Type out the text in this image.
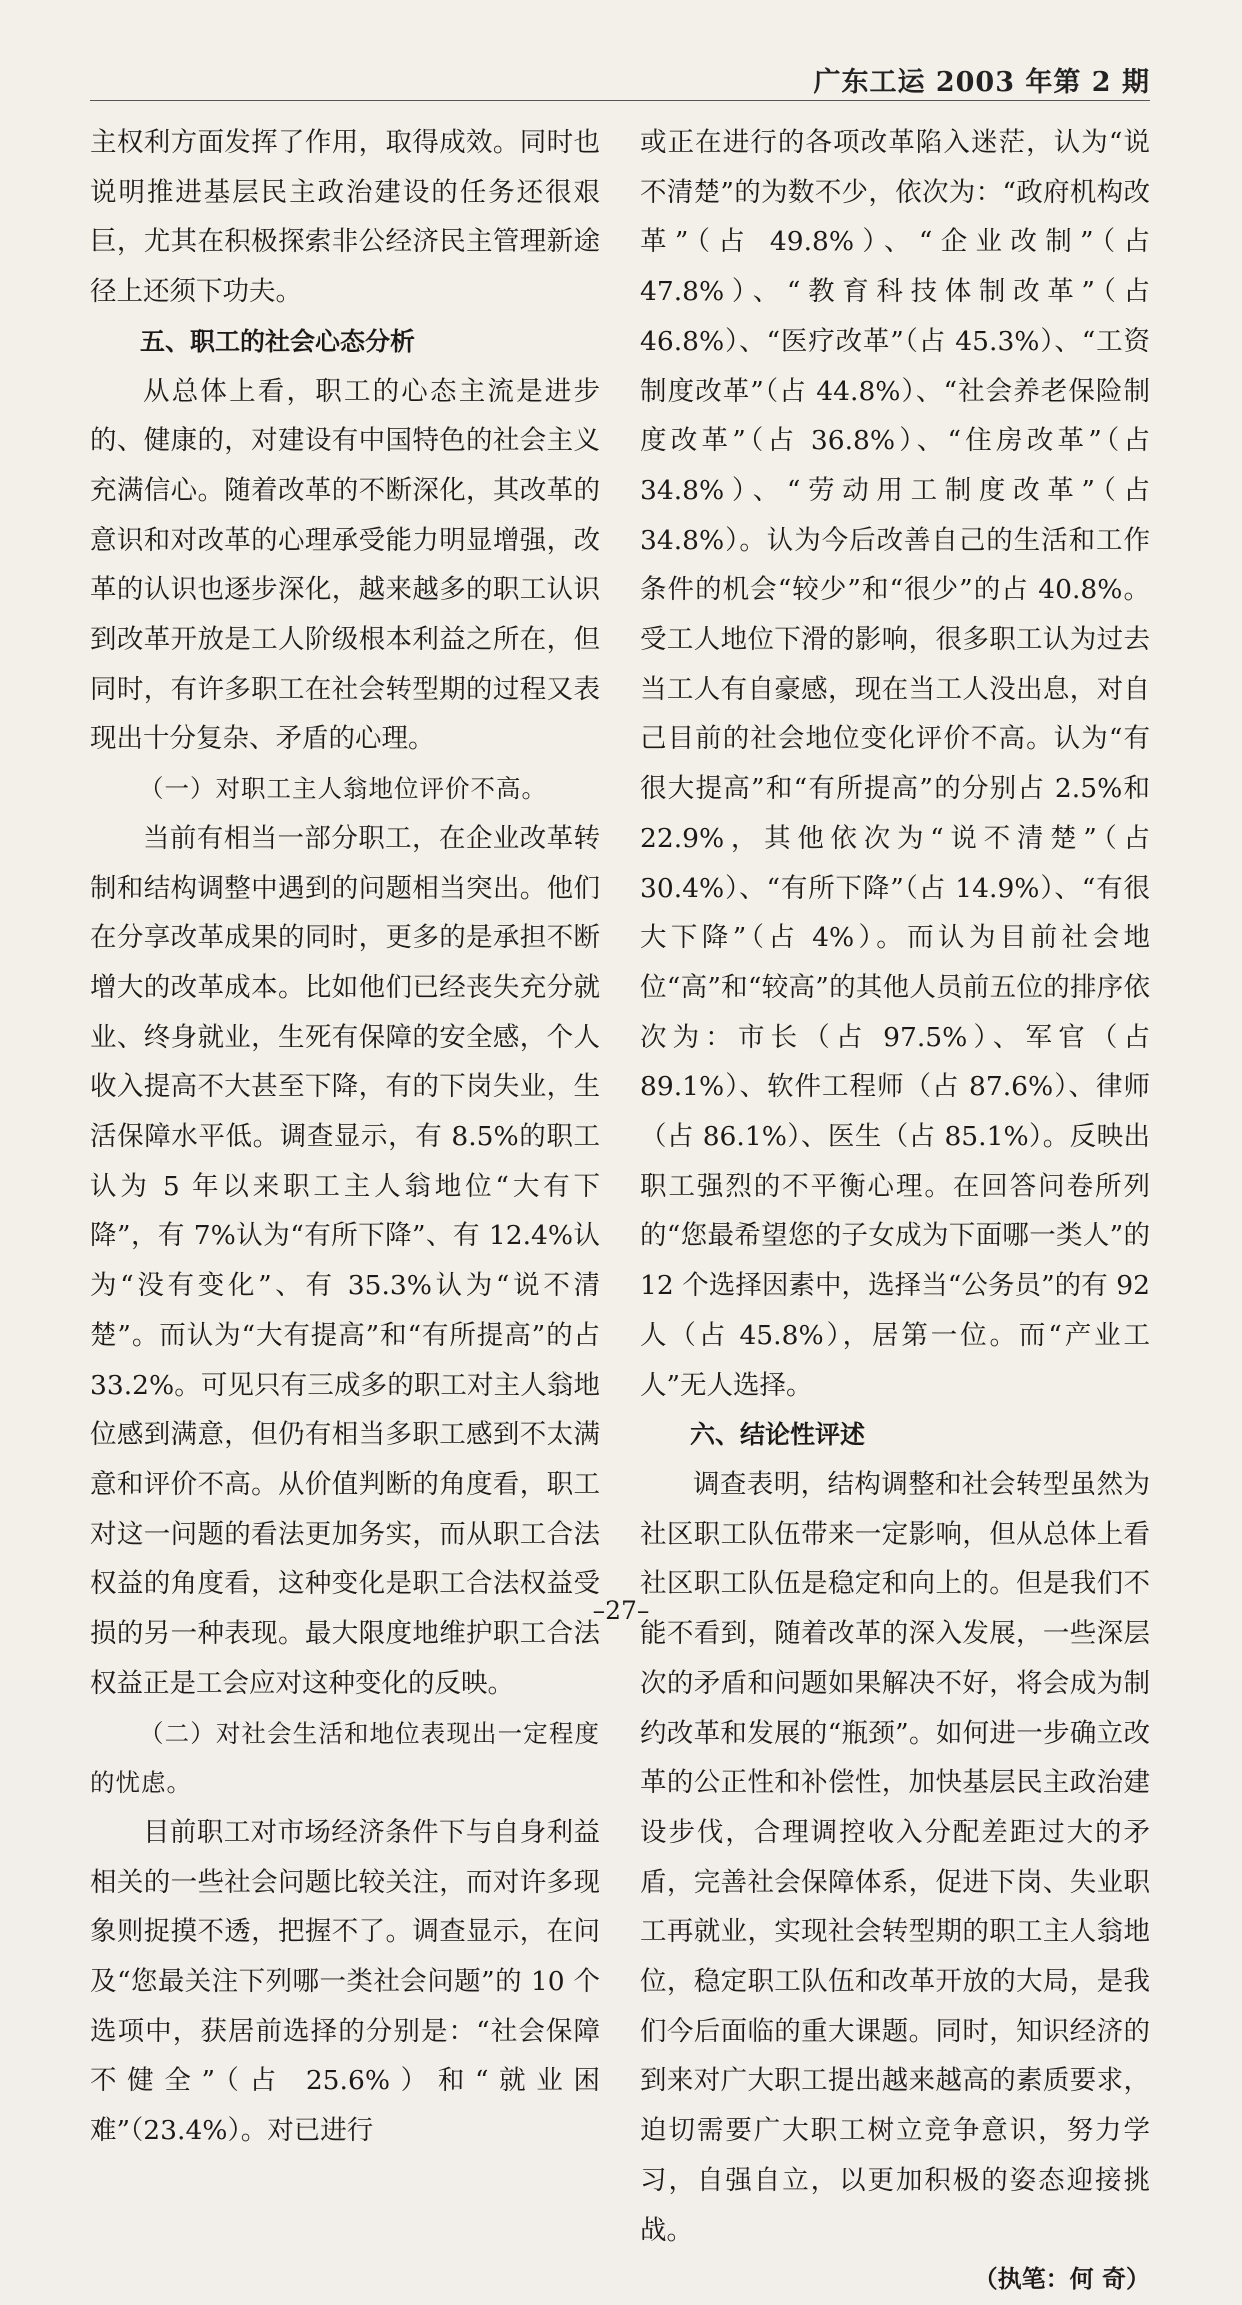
广东工运 2003 年第 2 期

主权利方面发挥了作用，取得成效。同时也说明推进基层民主政治建设的任务还很艰巨，尤其在积极探索非公经济民主管理新途径上还须下功夫。

五、职工的社会心态分析

从总体上看，职工的心态主流是进步的、健康的，对建设有中国特色的社会主义充满信心。随着改革的不断深化，其改革的意识和对改革的心理承受能力明显增强，改革的认识也逐步深化，越来越多的职工认识到改革开放是工人阶级根本利益之所在，但同时，有许多职工在社会转型期的过程又表现出十分复杂、矛盾的心理。

（一）对职工主人翁地位评价不高。

当前有相当一部分职工，在企业改革转制和结构调整中遇到的问题相当突出。他们在分享改革成果的同时，更多的是承担不断增大的改革成本。比如他们已经丧失充分就业、终身就业，生死有保障的安全感，个人收入提高不大甚至下降，有的下岗失业，生活保障水平低。调查显示，有 8.5%的职工认为 5 年以来职工主人翁地位“大有下降”，有 7%认为“有所下降”、有 12.4%认为“没有变化”、有 35.3%认为“说不清楚”。而认为“大有提高”和“有所提高”的占 33.2%。可见只有三成多的职工对主人翁地位感到满意，但仍有相当多职工感到不太满意和评价不高。从价值判断的角度看，职工对这一问题的看法更加务实，而从职工合法权益的角度看，这种变化是职工合法权益受损的另一种表现。最大限度地维护职工合法权益正是工会应对这种变化的反映。

（二）对社会生活和地位表现出一定程度的忧虑。

目前职工对市场经济条件下与自身利益相关的一些社会问题比较关注，而对许多现象则捉摸不透，把握不了。调查显示，在问及“您最关注下列哪一类社会问题”的 10 个选项中，获居前选择的分别是：“社会保障不健全”（占 25.6%）和“就业困难”（23.4%）。对已进行

或正在进行的各项改革陷入迷茫，认为“说不清楚”的为数不少，依次为：“政府机构改革”（占 49.8%）、“企业改制”（占 47.8%）、“教育科技体制改革”（占 46.8%）、“医疗改革”（占 45.3%）、“工资制度改革”（占 44.8%）、“社会养老保险制度改革”（占 36.8%）、“住房改革”（占 34.8%）、“劳动用工制度改革”（占 34.8%）。认为今后改善自己的生活和工作条件的机会“较少”和“很少”的占 40.8%。受工人地位下滑的影响，很多职工认为过去当工人有自豪感，现在当工人没出息，对自己目前的社会地位变化评价不高。认为“有很大提高”和“有所提高”的分别占 2.5%和 22.9%，其他依次为“说不清楚”（占 30.4%）、“有所下降”（占 14.9%）、“有很大下降”（占 4%）。而认为目前社会地位“高”和“较高”的其他人员前五位的排序依次为：市长（占 97.5%）、军官（占 89.1%）、软件工程师（占 87.6%）、律师（占 86.1%）、医生（占 85.1%）。反映出职工强烈的不平衡心理。在回答问卷所列的“您最希望您的子女成为下面哪一类人”的 12 个选择因素中，选择当“公务员”的有 92 人（占 45.8%），居第一位。而“产业工人”无人选择。

六、结论性评述

调查表明，结构调整和社会转型虽然为社区职工队伍带来一定影响，但从总体上看社区职工队伍是稳定和向上的。但是我们不能不看到，随着改革的深入发展，一些深层次的矛盾和问题如果解决不好，将会成为制约改革和发展的“瓶颈”。如何进一步确立改革的公正性和补偿性，加快基层民主政治建设步伐，合理调控收入分配差距过大的矛盾，完善社会保障体系，促进下岗、失业职工再就业，实现社会转型期的职工主人翁地位，稳定职工队伍和改革开放的大局，是我们今后面临的重大课题。同时，知识经济的到来对广大职工提出越来越高的素质要求，迫切需要广大职工树立竞争意识，努力学习，自强自立，以更加积极的姿态迎接挑战。

（执笔：何 奇）

–27–
